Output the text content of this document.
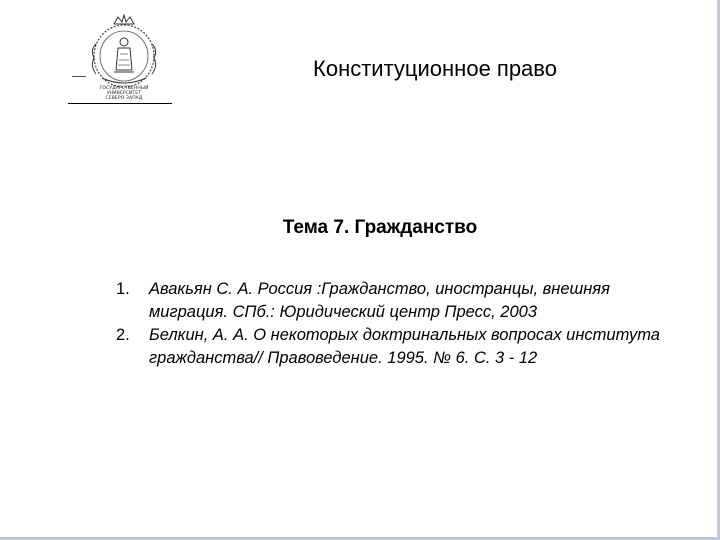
ГОСУДАРСТВЕННЫЙ
УНИВЕРСИТЕТ
СЕВЕРО-ЗАПАД
Конституционное право
Тема 7. Гражданство
1. Авакьян С. А. Россия :Гражданство, иностранцы, внешняя миграция. СПб.: Юридический центр Пресс, 2003
2. Белкин, А. А. О некоторых доктринальных вопросах института гражданства// Правоведение. 1995. № 6. С. 3 - 12
